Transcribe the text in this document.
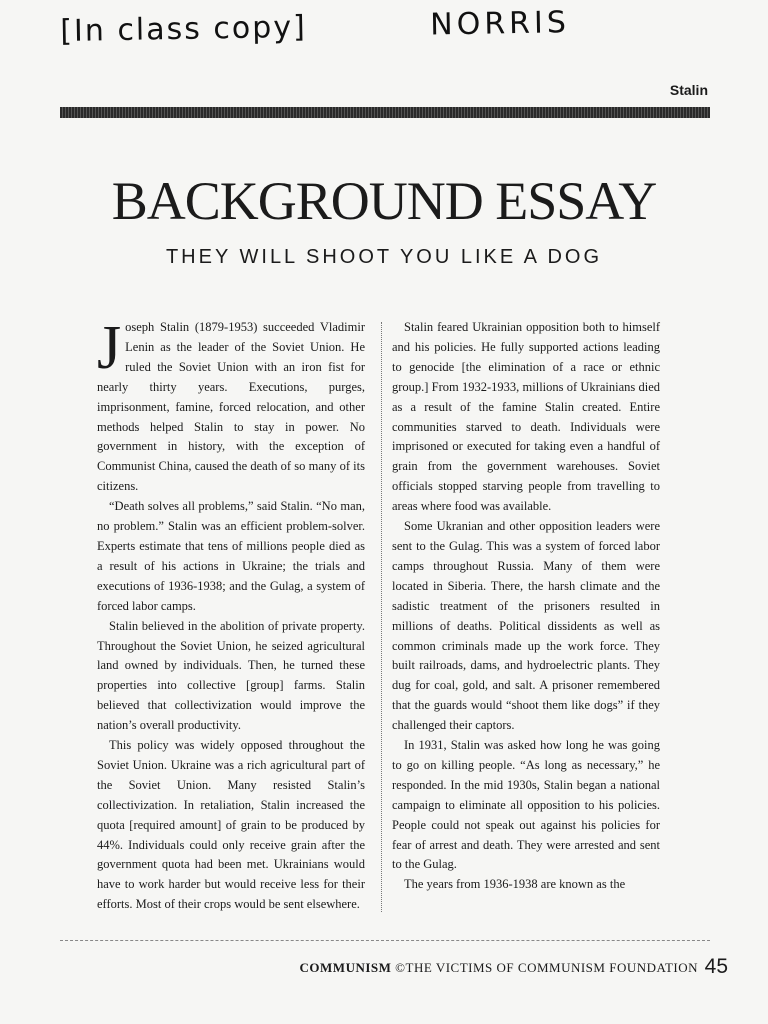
[In class copy]	NORRIS
Stalin
BACKGROUND ESSAY
THEY WILL SHOOT YOU LIKE A DOG

Joseph Stalin (1879-1953) succeeded Vladimir Lenin as the leader of the Soviet Union. He ruled the Soviet Union with an iron fist for nearly thirty years. Executions, purges, imprisonment, famine, forced relocation, and other methods helped Stalin to stay in power. No government in history, with the exception of Communist China, caused the death of so many of its citizens.

“Death solves all problems,” said Stalin. “No man, no problem.” Stalin was an efficient problem-solver. Experts estimate that tens of millions people died as a result of his actions in Ukraine; the trials and executions of 1936-1938; and the Gulag, a system of forced labor camps.

Stalin believed in the abolition of private property. Throughout the Soviet Union, he seized agricultural land owned by individuals. Then, he turned these properties into collective [group] farms. Stalin believed that collectivization would improve the nation’s overall productivity.

This policy was widely opposed throughout the Soviet Union. Ukraine was a rich agricultural part of the Soviet Union. Many resisted Stalin’s collectivization. In retaliation, Stalin increased the quota [required amount] of grain to be produced by 44%. Individuals could only receive grain after the government quota had been met. Ukrainians would have to work harder but would receive less for their efforts. Most of their crops would be sent elsewhere.

Stalin feared Ukrainian opposition both to himself and his policies. He fully supported actions leading to genocide [the elimination of a race or ethnic group.] From 1932-1933, millions of Ukrainians died as a result of the famine Stalin created. Entire communities starved to death. Individuals were imprisoned or executed for taking even a handful of grain from the government warehouses. Soviet officials stopped starving people from travelling to areas where food was available.

Some Ukranian and other opposition leaders were sent to the Gulag. This was a system of forced labor camps throughout Russia. Many of them were located in Siberia. There, the harsh climate and the sadistic treatment of the prisoners resulted in millions of deaths. Political dissidents as well as common criminals made up the work force. They built railroads, dams, and hydroelectric plants. They dug for coal, gold, and salt. A prisoner remembered that the guards would “shoot them like dogs” if they challenged their captors.

In 1931, Stalin was asked how long he was going to go on killing people. “As long as necessary,” he responded. In the mid 1930s, Stalin began a national campaign to eliminate all opposition to his policies. People could not speak out against his policies for fear of arrest and death. They were arrested and sent to the Gulag.

The years from 1936-1938 are known as the

COMMUNISM ©THE VICTIMS OF COMMUNISM FOUNDATION 45
